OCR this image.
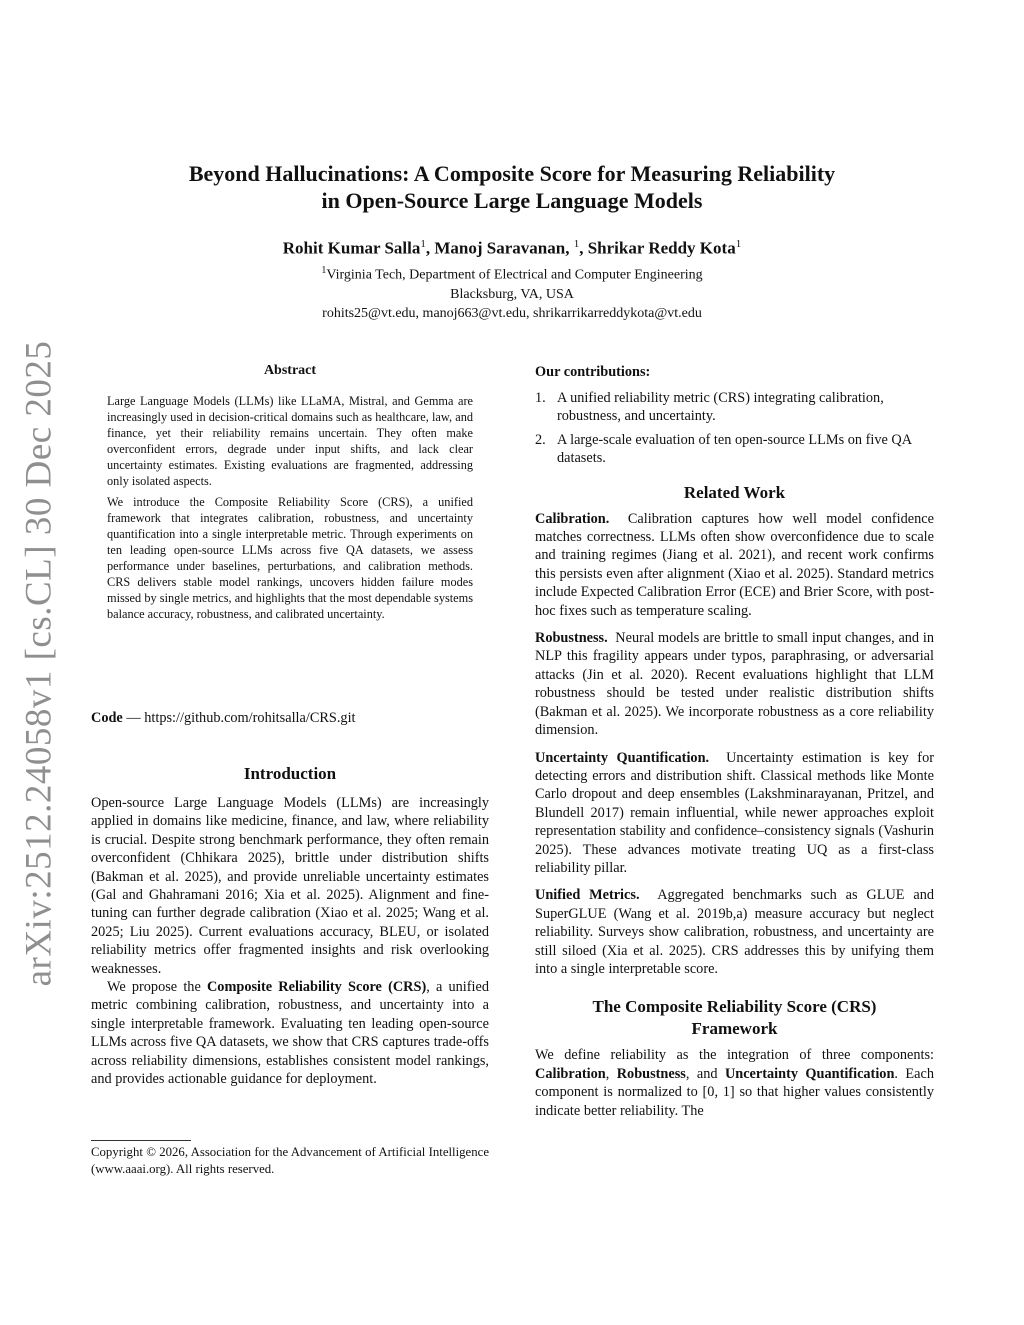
arXiv:2512.24058v1 [cs.CL] 30 Dec 2025
Beyond Hallucinations: A Composite Score for Measuring Reliability
in Open-Source Large Language Models
Rohit Kumar Salla$^1$, Manoj Saravanan, $^1$, Shrikar Reddy Kota$^1$
$^1$Virginia Tech, Department of Electrical and Computer Engineering
Blacksburg, VA, USA
rohits25@vt.edu, manoj663@vt.edu, shrikarrikarreddykota@vt.edu

Abstract

Large Language Models (LLMs) like LLaMA, Mistral, and Gemma are increasingly used in decision-critical domains such as healthcare, law, and finance, yet their reliability remains uncertain. They often make overconfident errors, degrade under input shifts, and lack clear uncertainty estimates. Existing evaluations are fragmented, addressing only isolated aspects.

We introduce the Composite Reliability Score (CRS), a unified framework that integrates calibration, robustness, and uncertainty quantification into a single interpretable metric. Through experiments on ten leading open-source LLMs across five QA datasets, we assess performance under baselines, perturbations, and calibration methods. CRS delivers stable model rankings, uncovers hidden failure modes missed by single metrics, and highlights that the most dependable systems balance accuracy, robustness, and calibrated uncertainty.

Code — https://github.com/rohitsalla/CRS.git

Introduction

Open-source Large Language Models (LLMs) are increasingly applied in domains like medicine, finance, and law, where reliability is crucial. Despite strong benchmark performance, they often remain overconfident (Chhikara 2025), brittle under distribution shifts (Bakman et al. 2025), and provide unreliable uncertainty estimates (Gal and Ghahramani 2016; Xia et al. 2025). Alignment and fine-tuning can further degrade calibration (Xiao et al. 2025; Wang et al. 2025; Liu 2025). Current evaluations accuracy, BLEU, or isolated reliability metrics offer fragmented insights and risk overlooking weaknesses.

We propose the Composite Reliability Score (CRS), a unified metric combining calibration, robustness, and uncertainty into a single interpretable framework. Evaluating ten leading open-source LLMs across five QA datasets, we show that CRS captures trade-offs across reliability dimensions, establishes consistent model rankings, and provides actionable guidance for deployment.

Copyright © 2026, Association for the Advancement of Artificial Intelligence (www.aaai.org). All rights reserved.

Our contributions:

1. A unified reliability metric (CRS) integrating calibration, robustness, and uncertainty.
2. A large-scale evaluation of ten open-source LLMs on five QA datasets.

Related Work

Calibration. Calibration captures how well model confidence matches correctness. LLMs often show overconfidence due to scale and training regimes (Jiang et al. 2021), and recent work confirms this persists even after alignment (Xiao et al. 2025). Standard metrics include Expected Calibration Error (ECE) and Brier Score, with post-hoc fixes such as temperature scaling.

Robustness. Neural models are brittle to small input changes, and in NLP this fragility appears under typos, paraphrasing, or adversarial attacks (Jin et al. 2020). Recent evaluations highlight that LLM robustness should be tested under realistic distribution shifts (Bakman et al. 2025). We incorporate robustness as a core reliability dimension.

Uncertainty Quantification. Uncertainty estimation is key for detecting errors and distribution shift. Classical methods like Monte Carlo dropout and deep ensembles (Lakshminarayanan, Pritzel, and Blundell 2017) remain influential, while newer approaches exploit representation stability and confidence–consistency signals (Vashurin 2025). These advances motivate treating UQ as a first-class reliability pillar.

Unified Metrics. Aggregated benchmarks such as GLUE and SuperGLUE (Wang et al. 2019b,a) measure accuracy but neglect reliability. Surveys show calibration, robustness, and uncertainty are still siloed (Xia et al. 2025). CRS addresses this by unifying them into a single interpretable score.

The Composite Reliability Score (CRS)

Framework

We define reliability as the integration of three components: Calibration, Robustness, and Uncertainty Quantification. Each component is normalized to [0, 1] so that higher values consistently indicate better reliability. The
